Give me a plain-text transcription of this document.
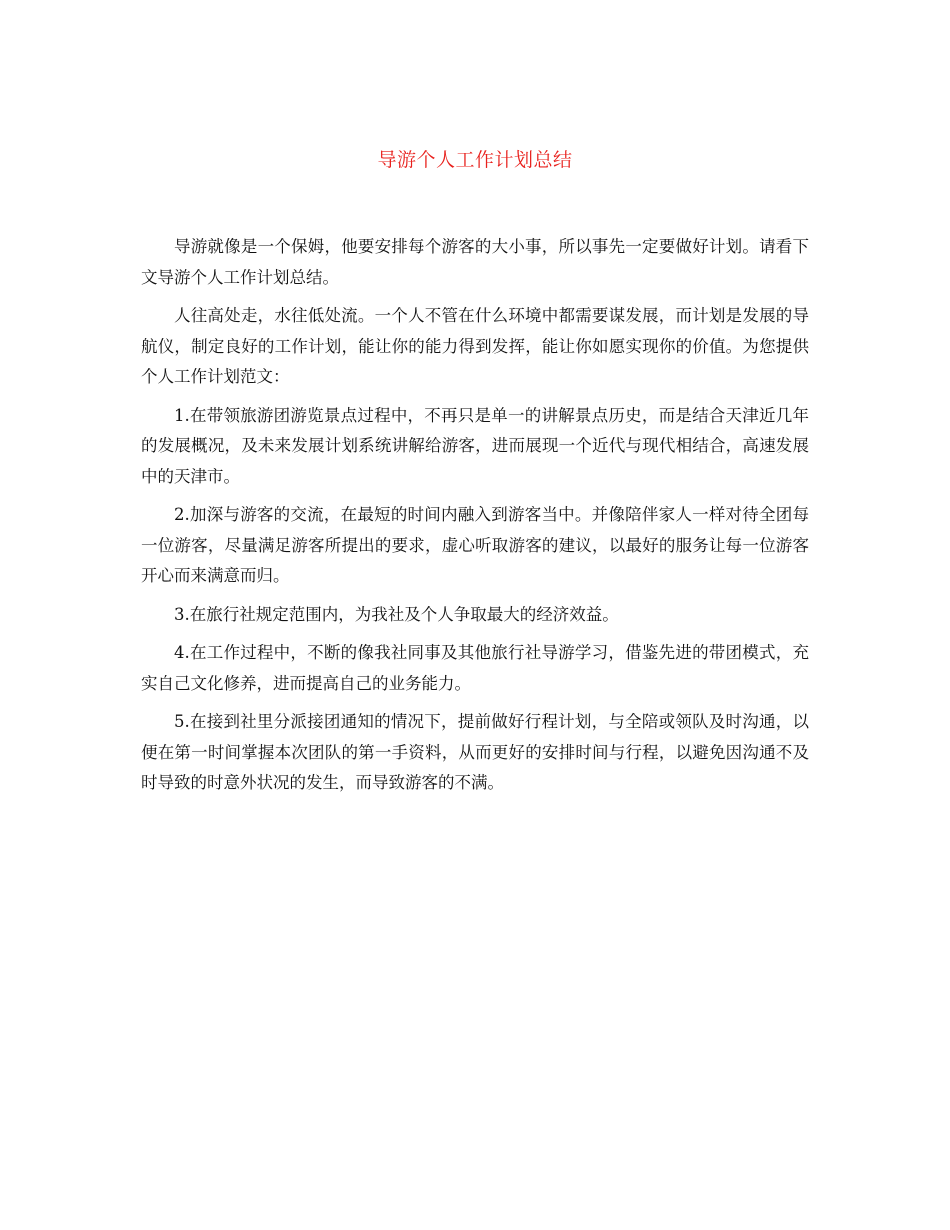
导游个人工作计划总结

导游就像是一个保姆，他要安排每个游客的大小事，所以事先一定要做好计划。请看下文导游个人工作计划总结。

人往高处走，水往低处流。一个人不管在什么环境中都需要谋发展，而计划是发展的导航仪，制定良好的工作计划，能让你的能力得到发挥，能让你如愿实现你的价值。为您提供个人工作计划范文：

1.在带领旅游团游览景点过程中，不再只是单一的讲解景点历史，而是结合天津近几年的发展概况，及未来发展计划系统讲解给游客，进而展现一个近代与现代相结合，高速发展中的天津市。

2.加深与游客的交流，在最短的时间内融入到游客当中。并像陪伴家人一样对待全团每一位游客，尽量满足游客所提出的要求，虚心听取游客的建议，以最好的服务让每一位游客开心而来满意而归。

3.在旅行社规定范围内，为我社及个人争取最大的经济效益。

4.在工作过程中，不断的像我社同事及其他旅行社导游学习，借鉴先进的带团模式，充实自己文化修养，进而提高自己的业务能力。

5.在接到社里分派接团通知的情况下，提前做好行程计划，与全陪或领队及时沟通，以便在第一时间掌握本次团队的第一手资料，从而更好的安排时间与行程，以避免因沟通不及时导致的时意外状况的发生，而导致游客的不满。
